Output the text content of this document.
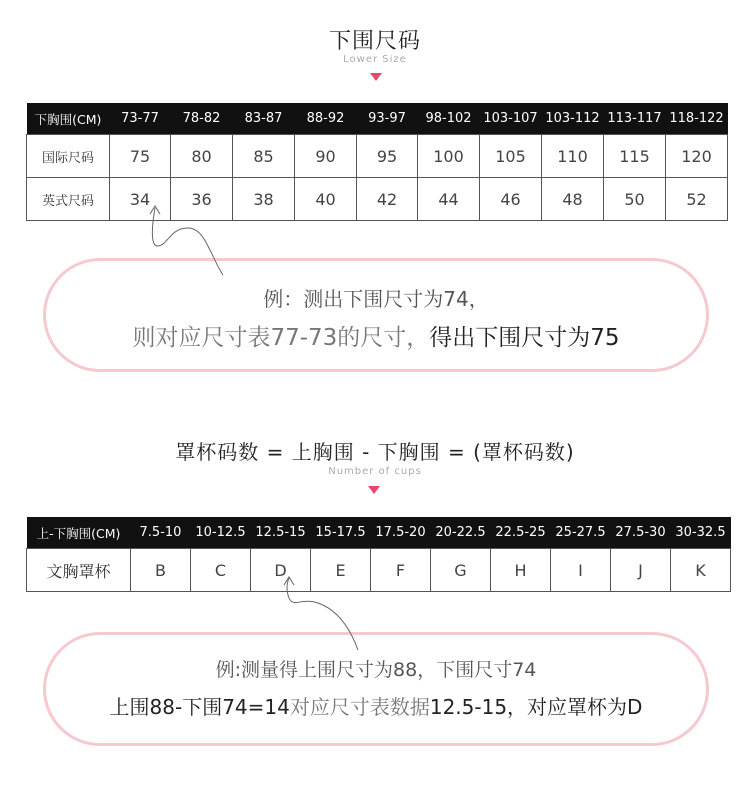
下围尺码
Lower Size
下胸围(CM)	73-77	78-82	83-87	88-92	93-97	98-102	103-107	103-112	113-117	118-122
国际尺码	75	80	85	90	95	100	105	110	115	120
英式尺码	34	36	38	40	42	44	46	48	50	52
例：测出下围尺寸为74，
则对应尺寸表77-73的尺寸，得出下围尺寸为75
罩杯码数 = 上胸围 - 下胸围 = (罩杯码数)
Number of cups
上-下胸围(CM)	7.5-10	10-12.5	12.5-15	15-17.5	17.5-20	20-22.5	22.5-25	25-27.5	27.5-30	30-32.5
文胸罩杯	B	C	D	E	F	G	H	I	J	K
例:测量得上围尺寸为88，下围尺寸74
上围88-下围74=14对应尺寸表数据12.5-15，对应罩杯为D
